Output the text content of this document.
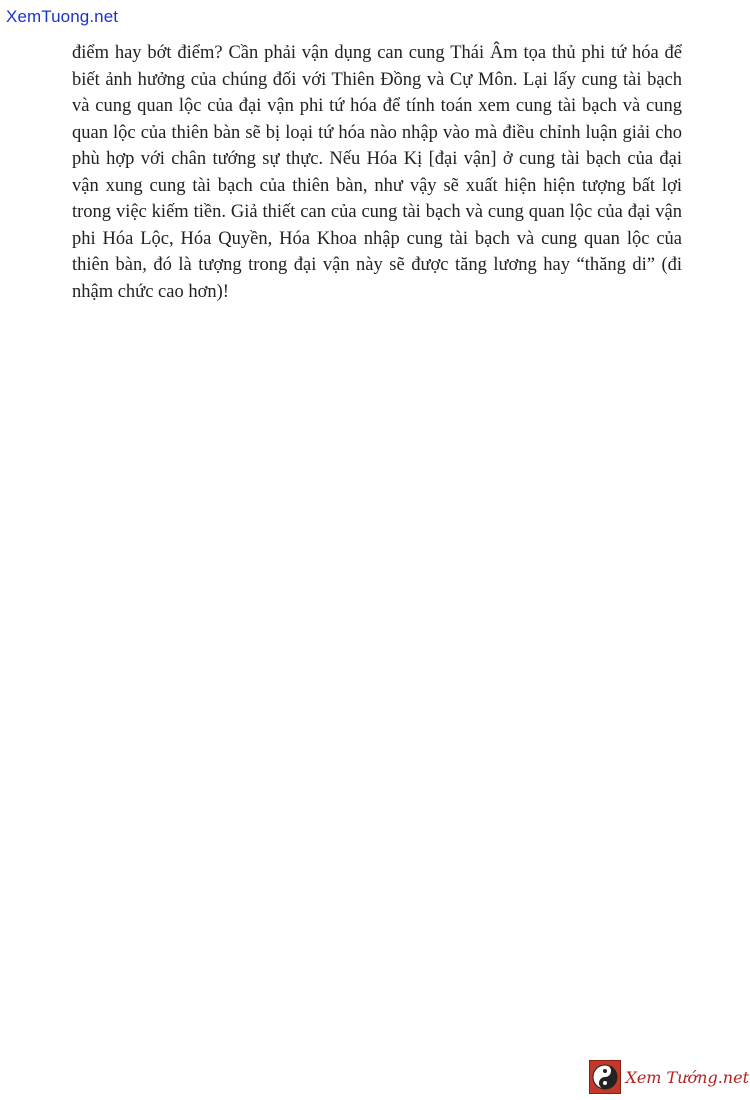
XemTuong.net

điểm hay bớt điểm? Cần phải vận dụng can cung Thái Âm tọa thủ phi tứ hóa để biết ảnh hưởng của chúng đối với Thiên Đồng và Cự Môn. Lại lấy cung tài bạch và cung quan lộc của đại vận phi tứ hóa để tính toán xem cung tài bạch và cung quan lộc của thiên bàn sẽ bị loại tứ hóa nào nhập vào mà điều chỉnh luận giải cho phù hợp với chân tướng sự thực. Nếu Hóa Kị [đại vận] ở cung tài bạch của đại vận xung cung tài bạch của thiên bàn, như vậy sẽ xuất hiện hiện tượng bất lợi trong việc kiếm tiền. Giả thiết can của cung tài bạch và cung quan lộc của đại vận phi Hóa Lộc, Hóa Quyền, Hóa Khoa nhập cung tài bạch và cung quan lộc của thiên bàn, đó là tượng trong đại vận này sẽ được tăng lương hay “thăng di” (đi nhậm chức cao hơn)!

Xem Tướng.net
